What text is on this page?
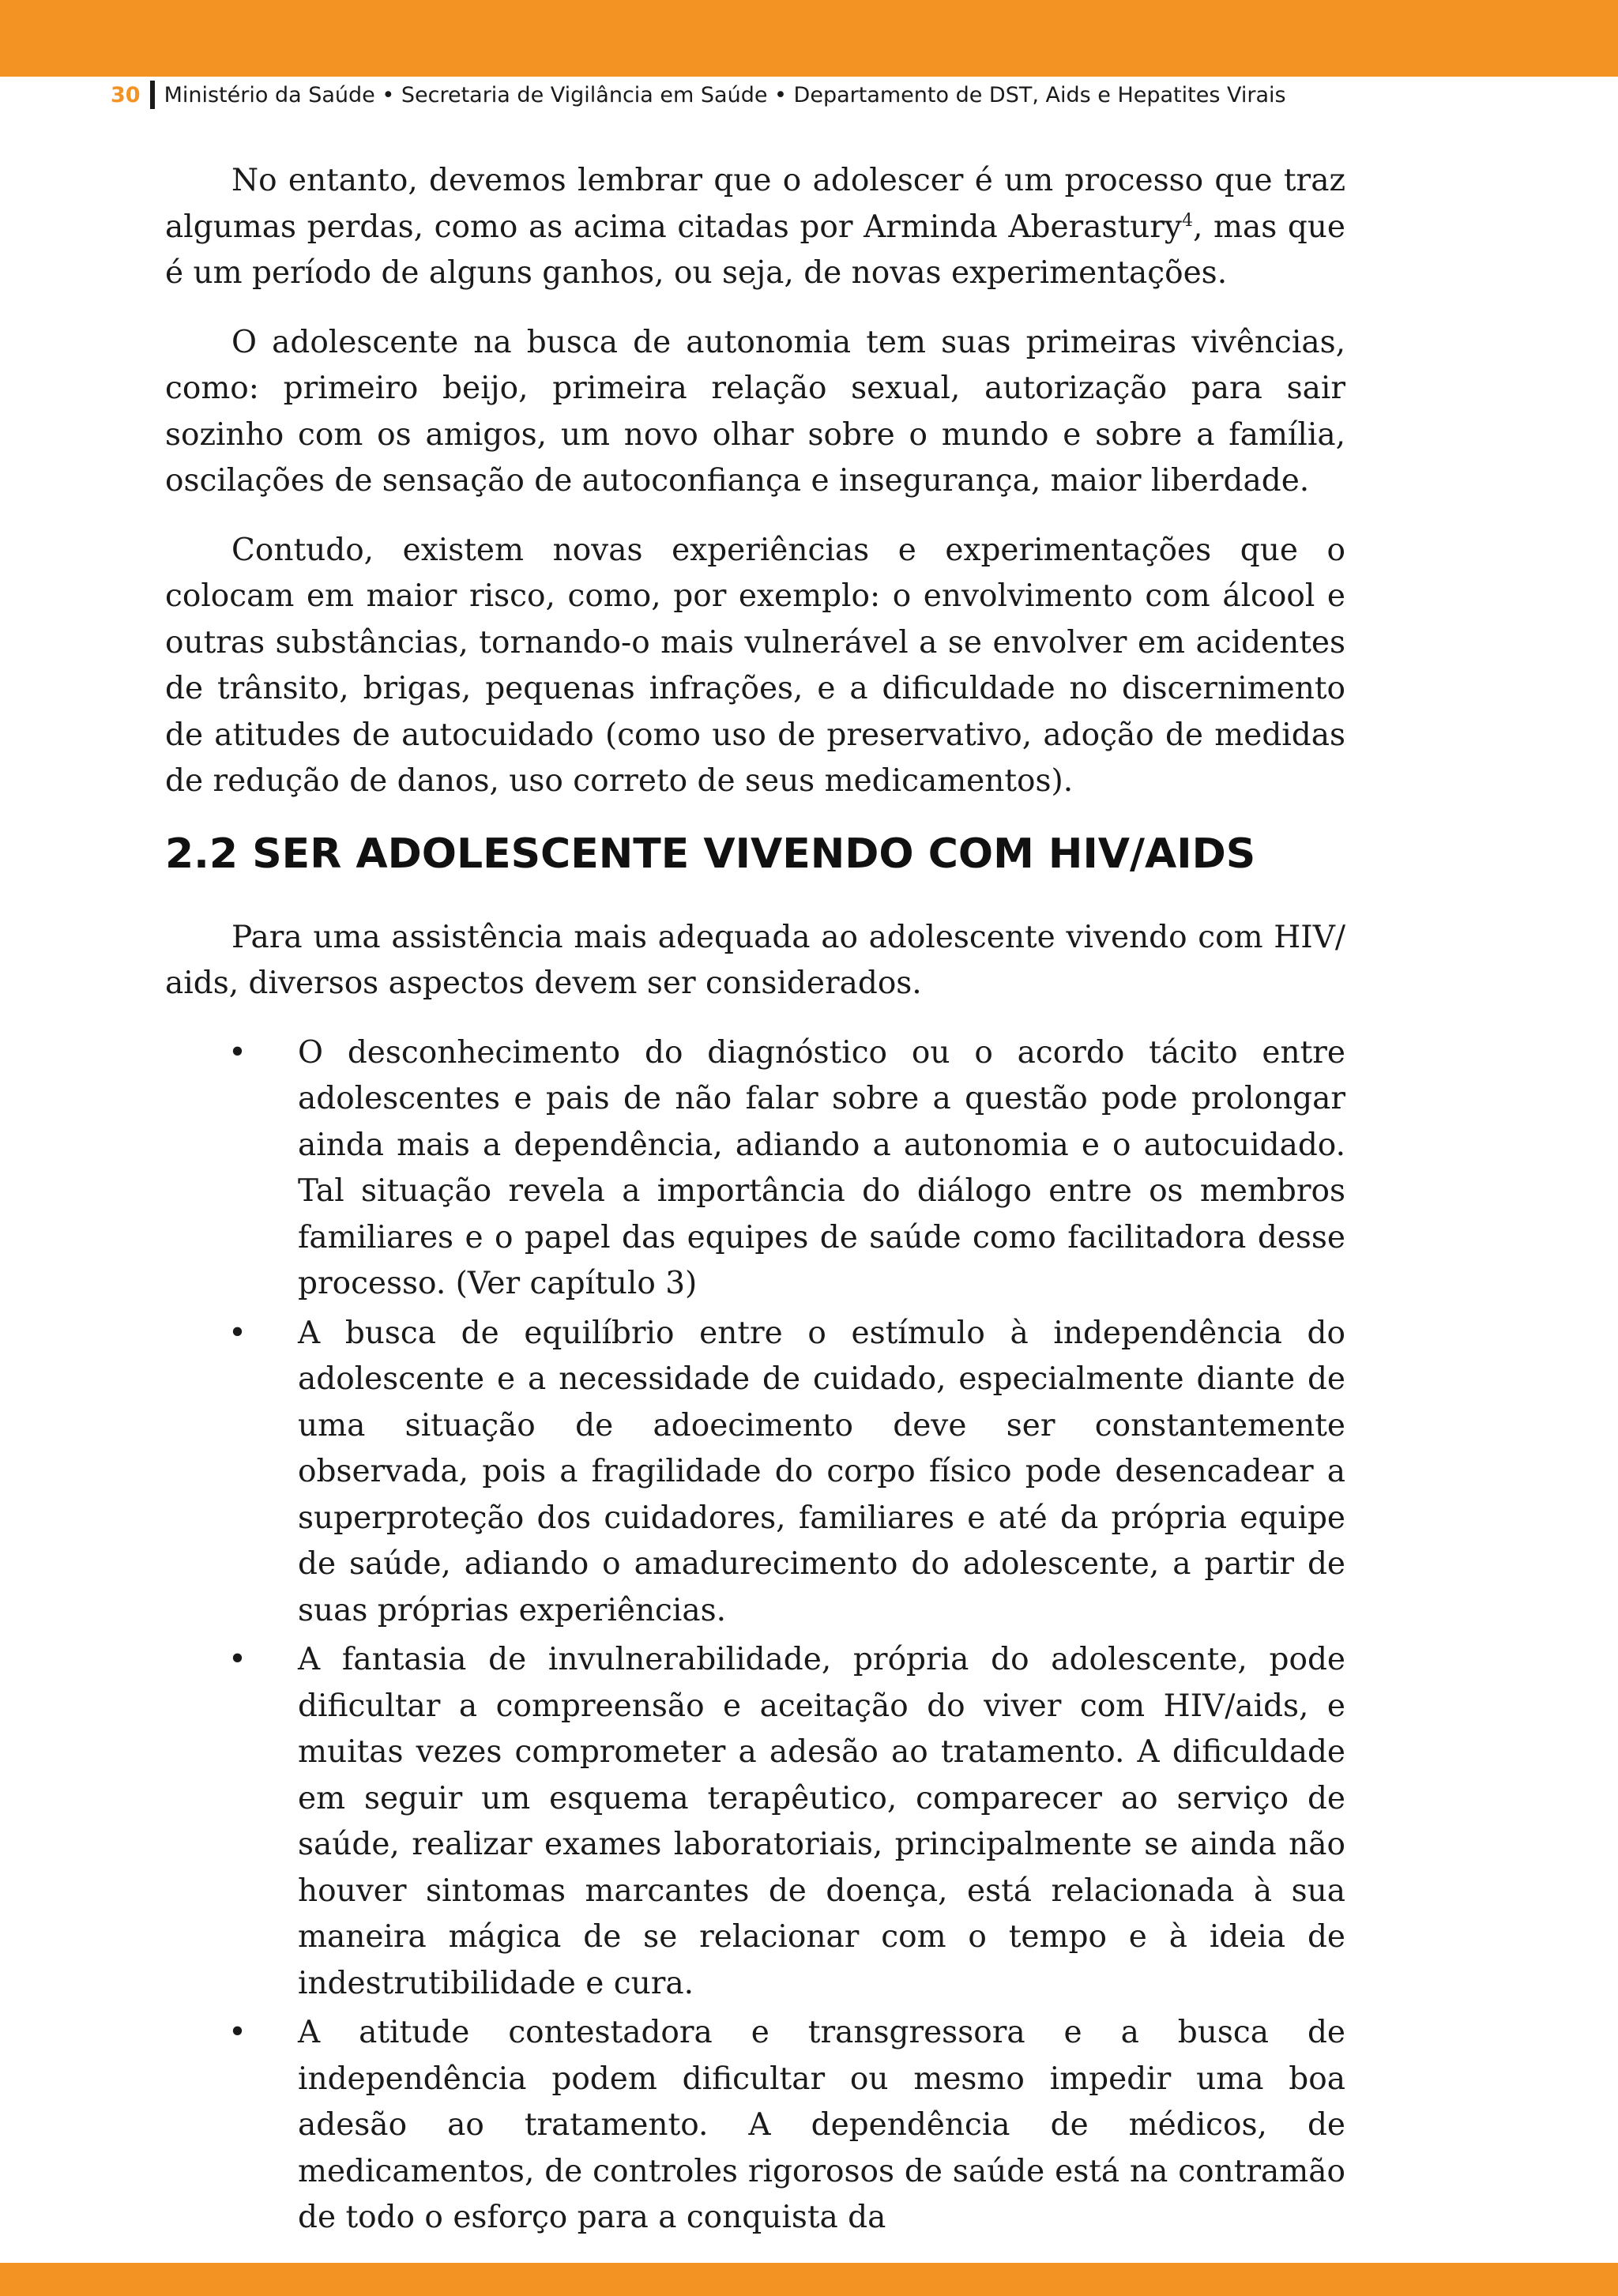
30 Ministério da Saúde • Secretaria de Vigilância em Saúde • Departamento de DST, Aids e Hepatites Virais

No entanto, devemos lembrar que o adolescer é um processo que traz algumas perdas, como as acima citadas por Arminda Aberastury$^4$, mas que é um período de alguns ganhos, ou seja, de novas experimentações.

O adolescente na busca de autonomia tem suas primeiras vivências, como: primeiro beijo, primeira relação sexual, autorização para sair sozinho com os amigos, um novo olhar sobre o mundo e sobre a família, oscilações de sensação de autoconfiança e insegurança, maior liberdade.

Contudo, existem novas experiências e experimentações que o colocam em maior risco, como, por exemplo: o envolvimento com álcool e outras substâncias, tornando-o mais vulnerável a se envolver em acidentes de trânsito, brigas, pequenas infrações, e a dificuldade no discernimento de atitudes de autocuidado (como uso de preservativo, adoção de medidas de redução de danos, uso correto de seus medicamentos).

2.2 SER ADOLESCENTE VIVENDO COM HIV/AIDS

Para uma assistência mais adequada ao adolescente vivendo com HIV/ aids, diversos aspectos devem ser considerados.

• O desconhecimento do diagnóstico ou o acordo tácito entre adolescentes e pais de não falar sobre a questão pode prolongar ainda mais a dependência, adiando a autonomia e o autocuidado. Tal situação revela a importância do diálogo entre os membros familiares e o papel das equipes de saúde como facilitadora desse processo. (Ver capítulo 3)
• A busca de equilíbrio entre o estímulo à independência do adolescente e a necessidade de cuidado, especialmente diante de uma situação de adoecimento deve ser constantemente observada, pois a fragilidade do corpo físico pode desencadear a superproteção dos cuidadores, familiares e até da própria equipe de saúde, adiando o amadurecimento do adolescente, a partir de suas próprias experiências.
• A fantasia de invulnerabilidade, própria do adolescente, pode dificultar a compreensão e aceitação do viver com HIV/aids, e muitas vezes comprometer a adesão ao tratamento. A dificuldade em seguir um esquema terapêutico, comparecer ao serviço de saúde, realizar exames laboratoriais, principalmente se ainda não houver sintomas marcantes de doença, está relacionada à sua maneira mágica de se relacionar com o tempo e à ideia de indestrutibilidade e cura.
• A atitude contestadora e transgressora e a busca de independência podem dificultar ou mesmo impedir uma boa adesão ao tratamento. A dependência de médicos, de medicamentos, de controles rigorosos de saúde está na contramão de todo o esforço para a conquista da
